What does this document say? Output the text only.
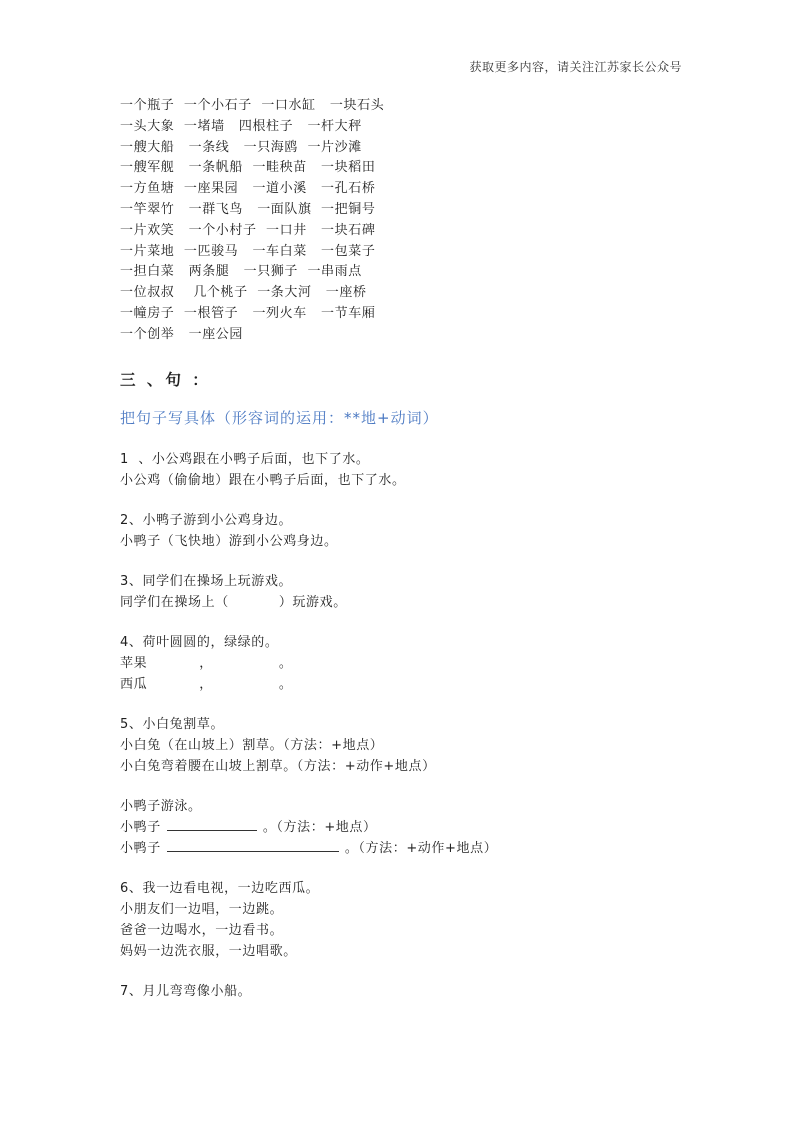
获取更多内容，请关注江苏家长公众号
一个瓶子  一个小石子  一口水缸   一块石头
一头大象  一堵墙   四根柱子   一杆大秤
一艘大船   一条线   一只海鸥  一片沙滩
一艘军舰   一条帆船  一畦秧苗   一块稻田
一方鱼塘  一座果园   一道小溪   一孔石桥
一竿翠竹   一群飞鸟   一面队旗  一把铜号
一片欢笑   一个小村子  一口井   一块石碑
一片菜地  一匹骏马   一车白菜   一包菜子
一担白菜   两条腿   一只狮子  一串雨点
一位叔叔    几个桃子  一条大河   一座桥
一幢房子  一根管子   一列火车   一节车厢
一个创举   一座公园
三 、句 ：
把句子写具体（形容词的运用：**地+动词）
1  、小公鸡跟在小鸭子后面，也下了水。
小公鸡（偷偷地）跟在小鸭子后面，也下了水。
2、小鸭子游到小公鸡身边。
小鸭子（飞快地）游到小公鸡身边。
3、同学们在操场上玩游戏。
同学们在操场上（	）玩游戏。
4、荷叶圆圆的，绿绿的。
苹果	，	。
西瓜	，	。
5、小白兔割草。
小白兔（在山坡上）割草。（方法：+地点）
小白兔弯着腰在山坡上割草。（方法：+动作+地点）
小鸭子游泳。
小鸭子	。（方法：+地点）
小鸭子	。（方法：+动作+地点）
6、我一边看电视，一边吃西瓜。
小朋友们一边唱，一边跳。
爸爸一边喝水，一边看书。
妈妈一边洗衣服，一边唱歌。
7、月儿弯弯像小船。
